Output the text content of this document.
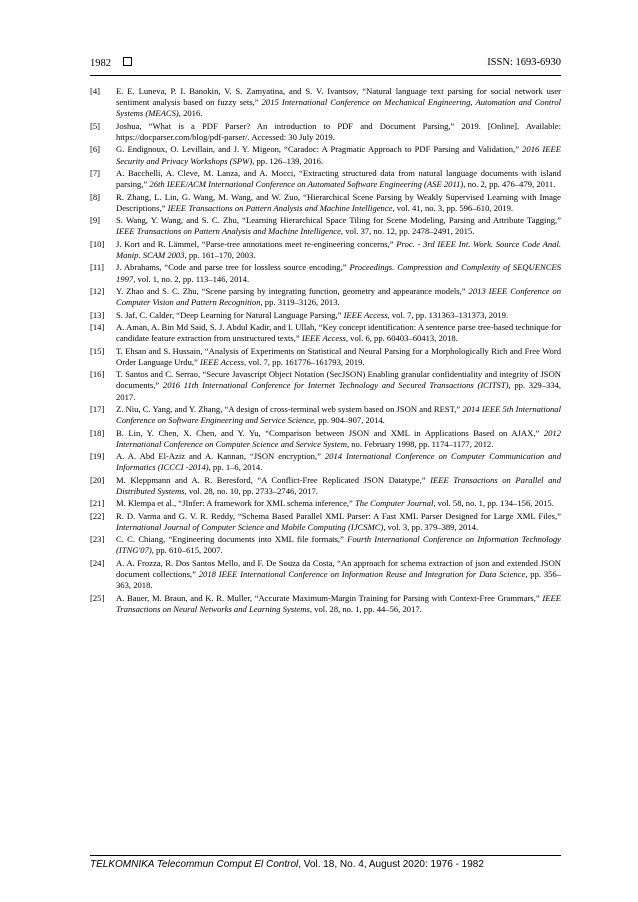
1982	ISSN: 1693-6930
[4]	E. E. Luneva, P. I. Banokin, V. S. Zamyatina, and S. V. Ivantsov, “Natural language text parsing for social network user sentiment analysis based on fuzzy sets,” 2015 International Conference on Mechanical Engineering, Automation and Control Systems (MEACS), 2016.
[5]	Joshua, “What is a PDF Parser? An introduction to PDF and Document Parsing,” 2019. [Online]. Available: https://docparser.com/blog/pdf-parser/. Accessed: 30 July 2019.
[6]	G. Endignoux, O. Levillain, and J. Y. Migeon, “Caradoc: A Pragmatic Approach to PDF Parsing and Validation,” 2016 IEEE Security and Privacy Workshops (SPW), pp. 126–139, 2016.
[7]	A. Bacchelli, A. Cleve, M. Lanza, and A. Mocci, “Extracting structured data from natural language documents with island parsing,” 26th IEEE/ACM International Conference on Automated Software Engineering (ASE 2011), no. 2, pp. 476–479, 2011.
[8]	R. Zhang, L. Lin, G. Wang, M. Wang, and W. Zuo, “Hierarchical Scene Parsing by Weakly Supervised Learning with Image Descriptions,” IEEE Transactions on Pattern Analysis and Machine Intelligence, vol. 41, no. 3, pp. 596–610, 2019.
[9]	S. Wang, Y. Wang, and S. C. Zhu, “Learning Hierarchical Space Tiling for Scene Modeling, Parsing and Attribute Tagging,” IEEE Transactions on Pattern Analysis and Machine Intelligence, vol. 37, no. 12, pp. 2478–2491, 2015.
[10]	J. Kort and R. Lämmel, “Parse-tree annotations meet re-engineering concerns,” Proc. - 3rd IEEE Int. Work. Source Code Anal. Manip. SCAM 2003, pp. 161–170, 2003.
[11]	J. Abrahams, “Code and parse tree for lossless source encoding,” Proceedings. Compression and Complexity of SEQUENCES 1997, vol. 1, no. 2, pp. 113–146, 2014.
[12]	Y. Zhao and S. C. Zhu, “Scene parsing by integrating function, geometry and appearance models,” 2013 IEEE Conference on Computer Vision and Pattern Recognition, pp. 3119–3126, 2013.
[13]	S. Jaf, C. Calder, “Deep Learning for Natural Language Parsing,” IEEE Access, vol. 7, pp. 131363–131373, 2019.
[14]	A. Aman, A. Bin Md Said, S. J. Abdul Kadir, and I. Ullah, “Key concept identification: A sentence parse tree-based technique for candidate feature extraction from unstructured texts,” IEEE Access, vol. 6, pp. 60403–60413, 2018.
[15]	T. Ehsan and S. Hussain, “Analysis of Experiments on Statistical and Neural Parsing for a Morphologically Rich and Free Word Order Language Urdu,” IEEE Access, vol. 7, pp. 161776–161793, 2019.
[16]	T. Santos and C. Serrao, “Secure Javascript Object Notation (SecJSON) Enabling granular confidentiality and integrity of JSON documents,” 2016 11th International Conference for Internet Technology and Secured Transactions (ICITST), pp. 329–334, 2017.
[17]	Z. Niu, C. Yang, and Y. Zhang, “A design of cross-terminal web system based on JSON and REST,” 2014 IEEE 5th International Conference on Software Engineering and Service Science, pp. 904–907, 2014.
[18]	B. Lin, Y. Chen, X. Chen, and Y. Yu, “Comparison between JSON and XML in Applications Based on AJAX,” 2012 International Conference on Computer Science and Service System, no. February 1998, pp. 1174–1177, 2012.
[19]	A. A. Abd El-Aziz and A. Kannan, “JSON encryption,” 2014 International Conference on Computer Communication and Informatics (ICCCI -2014), pp. 1–6, 2014.
[20]	M. Kleppmann and A. R. Beresford, “A Conflict-Free Replicated JSON Datatype,” IEEE Transactions on Parallel and Distributed Systems, vol. 28, no. 10, pp. 2733–2746, 2017.
[21]	M. Klempa et al., “JInfer: A framework for XML schema inference,” The Computer Journal, vol. 58, no. 1, pp. 134–156, 2015.
[22]	R. D. Varma and G. V. R. Reddy, “Schema Based Parallel XML Parser: A Fast XML Parser Designed for Large XML Files,” International Journal of Computer Science and Mobile Computing (IJCSMC), vol. 3, pp. 379–389, 2014.
[23]	C. C. Chiang, “Engineering documents into XML file formats,” Fourth International Conference on Information Technology (ITNG'07), pp. 610–615, 2007.
[24]	A. A. Frozza, R. Dos Santos Mello, and F. De Souza da Costa, “An approach for schema extraction of json and extended JSON document collections,” 2018 IEEE International Conference on Information Reuse and Integration for Data Science, pp. 356–363, 2018.
[25]	A. Bauer, M. Braun, and K. R. Muller, “Accurate Maximum-Margin Training for Parsing with Context-Free Grammars,” IEEE Transactions on Neural Networks and Learning Systems, vol. 28, no. 1, pp. 44–56, 2017.
TELKOMNIKA Telecommun Comput El Control, Vol. 18, No. 4, August 2020: 1976 - 1982
